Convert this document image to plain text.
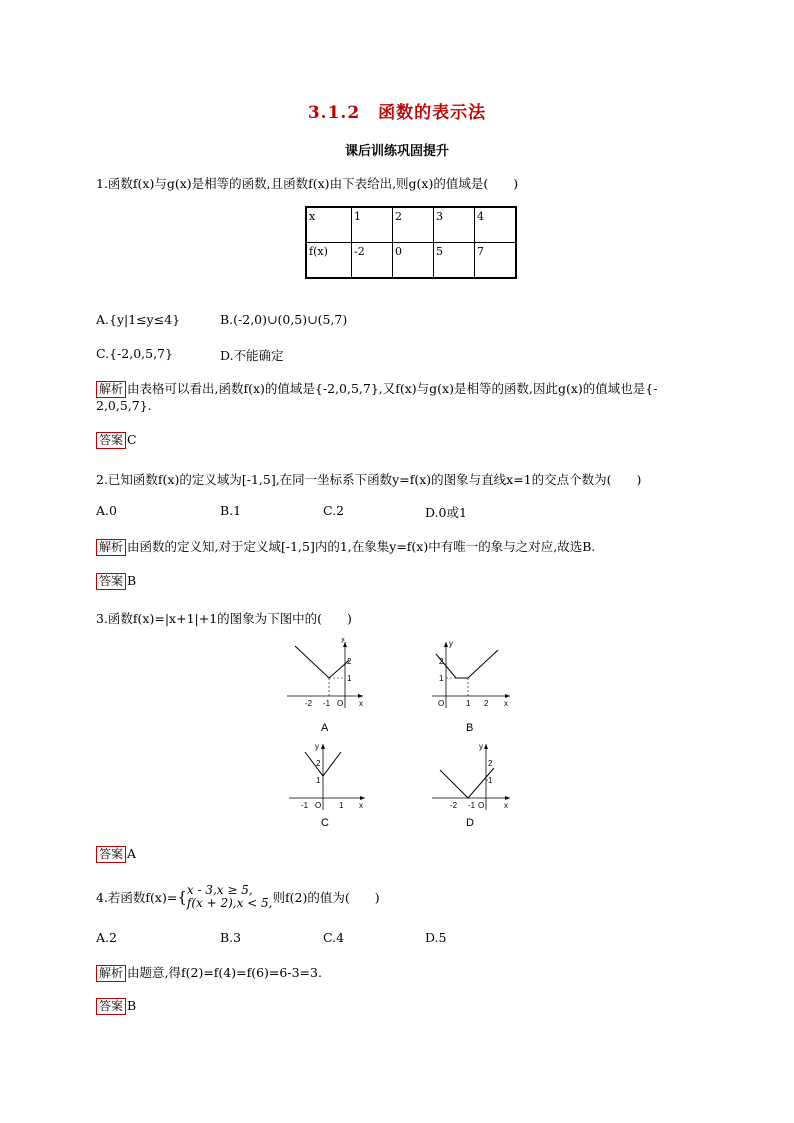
3.1.2　函数的表示法
课后训练巩固提升
1.函数f(x)与g(x)是相等的函数,且函数f(x)由下表给出,则g(x)的值域是(　　)
x	1	2	3	4
f(x)	-2	0	5	7
A.{y|1≤y≤4}	B.(-2,0)∪(0,5)∪(5,7)
C.{-2,0,5,7}	D.不能确定
解析 由表格可以看出,函数f(x)的值域是{-2,0,5,7},又f(x)与g(x)是相等的函数,因此g(x)的值域也是{-
2,0,5,7}.
答案 C
2.已知函数f(x)的定义域为[-1,5],在同一坐标系下函数y=f(x)的图象与直线x=1的交点个数为(　　)
A.0	B.1	C.2	D.0或1
解析 由函数的定义知,对于定义域[-1,5]内的1,在象集y=f(x)中有唯一的象与之对应,故选B.
答案 B
3.函数f(x)=|x+1|+1的图象为下图中的(　　)
y
x
2
1
-2 -1 O
A
y
x
2
1
1 2
O
B
y
x
2
1
-1	1
O
C
y
x
2
1
-2 -1 O
D
答案 A
4.若函数f(x)={ x - 3,x ≥ 5,
f(x + 2),x < 5, 则f(2)的值为(　　)
A.2	B.3	C.4	D.5
解析 由题意,得f(2)=f(4)=f(6)=6-3=3.
答案 B
